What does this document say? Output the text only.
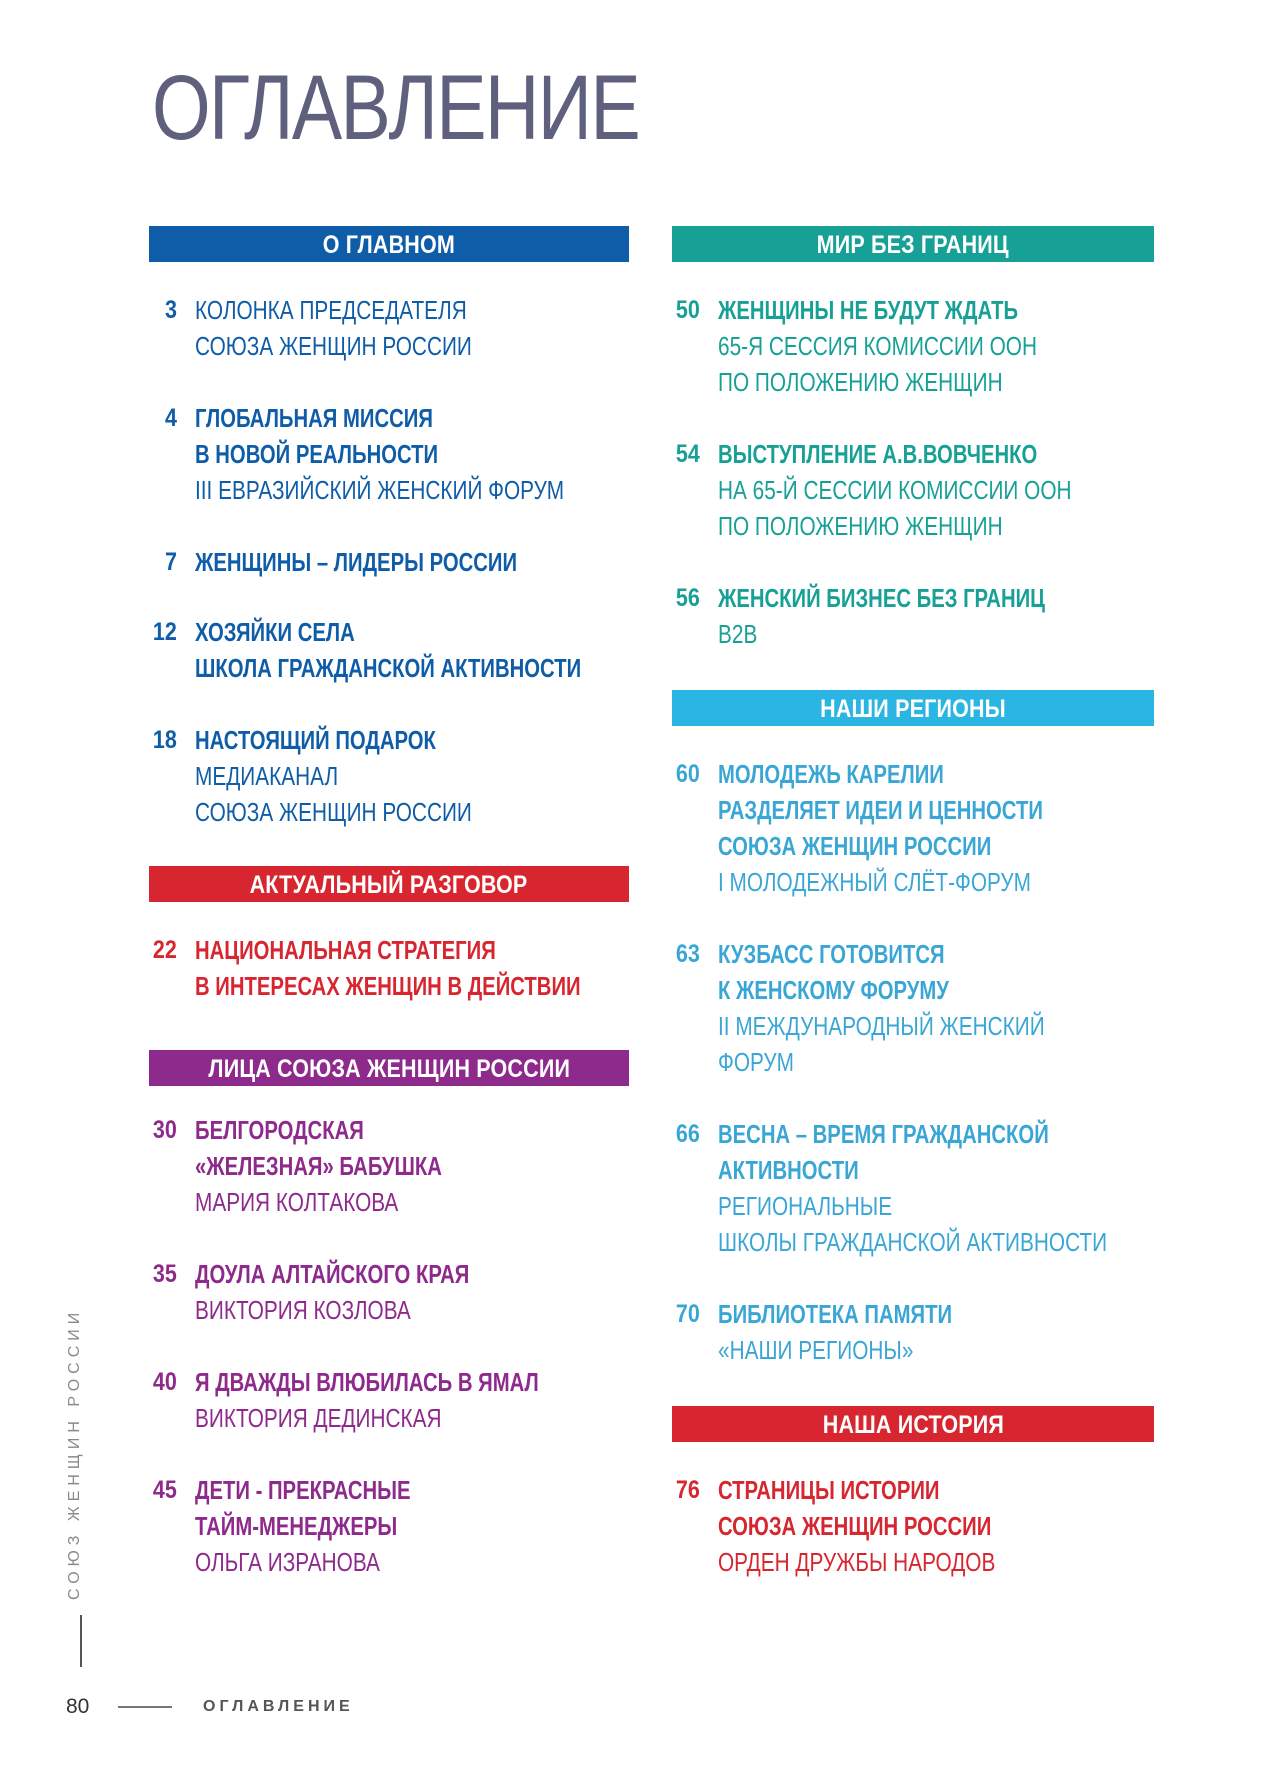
ОГЛАВЛЕНИЕ
О ГЛАВНОМ
3 КОЛОНКА ПРЕДСЕДАТЕЛЯ
СОЮЗА ЖЕНЩИН РОССИИ
4 ГЛОБАЛЬНАЯ МИССИЯ
В НОВОЙ РЕАЛЬНОСТИ
III ЕВРАЗИЙСКИЙ ЖЕНСКИЙ ФОРУМ
7 ЖЕНЩИНЫ – ЛИДЕРЫ РОССИИ
12 ХОЗЯЙКИ СЕЛА
ШКОЛА ГРАЖДАНСКОЙ АКТИВНОСТИ
18 НАСТОЯЩИЙ ПОДАРОК
МЕДИАКАНАЛ
СОЮЗА ЖЕНЩИН РОССИИ
АКТУАЛЬНЫЙ РАЗГОВОР
22 НАЦИОНАЛЬНАЯ СТРАТЕГИЯ
В ИНТЕРЕСАХ ЖЕНЩИН В ДЕЙСТВИИ
ЛИЦА СОЮЗА ЖЕНЩИН РОССИИ
30 БЕЛГОРОДСКАЯ
«ЖЕЛЕЗНАЯ» БАБУШКА
МАРИЯ КОЛТАКОВА
35 ДОУЛА АЛТАЙСКОГО КРАЯ
ВИКТОРИЯ КОЗЛОВА
40 Я ДВАЖДЫ ВЛЮБИЛАСЬ В ЯМАЛ
ВИКТОРИЯ ДЕДИНСКАЯ
45 ДЕТИ - ПРЕКРАСНЫЕ
ТАЙМ-МЕНЕДЖЕРЫ
ОЛЬГА ИЗРАНОВА
МИР БЕЗ ГРАНИЦ
50 ЖЕНЩИНЫ НЕ БУДУТ ЖДАТЬ
65-Я СЕССИЯ КОМИССИИ ООН
ПО ПОЛОЖЕНИЮ ЖЕНЩИН
54 ВЫСТУПЛЕНИЕ А.В.ВОВЧЕНКО
НА 65-Й СЕССИИ КОМИССИИ ООН
ПО ПОЛОЖЕНИЮ ЖЕНЩИН
56 ЖЕНСКИЙ БИЗНЕС БЕЗ ГРАНИЦ
B2B
НАШИ РЕГИОНЫ
60 МОЛОДЕЖЬ КАРЕЛИИ
РАЗДЕЛЯЕТ ИДЕИ И ЦЕННОСТИ
СОЮЗА ЖЕНЩИН РОССИИ
I МОЛОДЕЖНЫЙ СЛЁТ-ФОРУМ
63 КУЗБАСС ГОТОВИТСЯ
К ЖЕНСКОМУ ФОРУМУ
II МЕЖДУНАРОДНЫЙ ЖЕНСКИЙ
ФОРУМ
66 ВЕСНА – ВРЕМЯ ГРАЖДАНСКОЙ
АКТИВНОСТИ
РЕГИОНАЛЬНЫЕ
ШКОЛЫ ГРАЖДАНСКОЙ АКТИВНОСТИ
70 БИБЛИОТЕКА ПАМЯТИ
«НАШИ РЕГИОНЫ»
НАША ИСТОРИЯ
76 СТРАНИЦЫ ИСТОРИИ
СОЮЗА ЖЕНЩИН РОССИИ
ОРДЕН ДРУЖБЫ НАРОДОВ
СОЮЗ ЖЕНЩИН РОССИИ
80	ОГЛАВЛЕНИЕ
